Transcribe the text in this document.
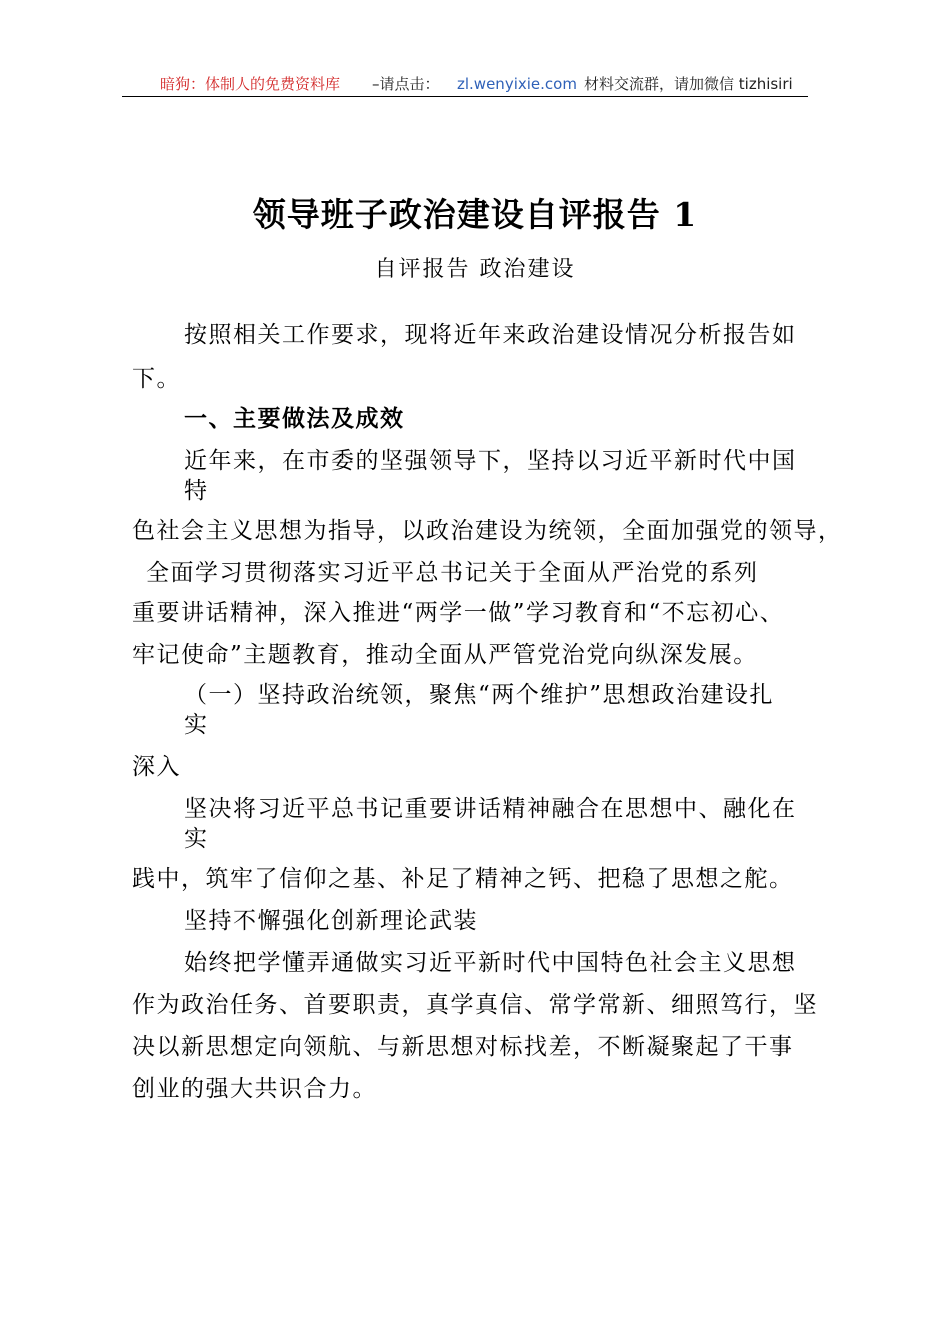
暗狗：体制人的免费资料库 –请点击： zl.wenyixie.com 材料交流群，请加微信 tizhisiri
领导班子政治建设自评报告 1
自评报告 政治建设
按照相关工作要求，现将近年来政治建设情况分析报告如
下。
一、主要做法及成效
近年来，在市委的坚强领导下，坚持以习近平新时代中国
特
色社会主义思想为指导，以政治建设为统领，全面加强党的领导，
全面学习贯彻落实习近平总书记关于全面从严治党的系列
重要讲话精神，深入推进“两学一做”学习教育和“不忘初心、
牢记使命”主题教育，推动全面从严管党治党向纵深发展。
（一）坚持政治统领，聚焦“两个维护”思想政治建设扎
实
深入
坚决将习近平总书记重要讲话精神融合在思想中、融化在
实
践中，筑牢了信仰之基、补足了精神之钙、把稳了思想之舵。
坚持不懈强化创新理论武装
始终把学懂弄通做实习近平新时代中国特色社会主义思想
作为政治任务、首要职责，真学真信、常学常新、细照笃行，坚
决以新思想定向领航、与新思想对标找差，不断凝聚起了干事
创业的强大共识合力。
